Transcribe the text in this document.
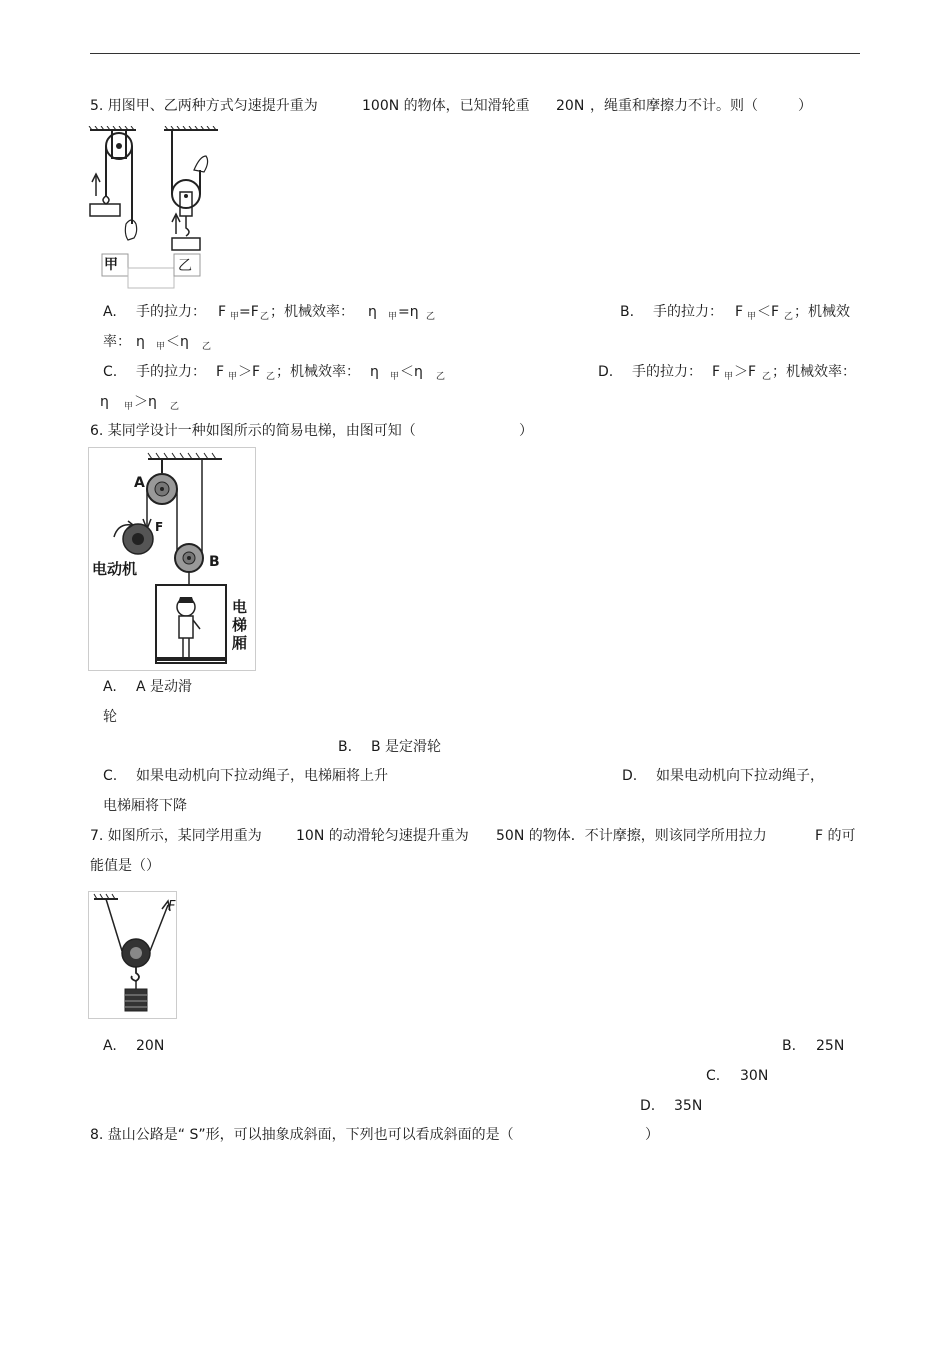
5. 用图甲、乙两种方式匀速提升重为	100N 的物体，已知滑轮重 20N ，绳重和摩擦力不计。则（	）
甲	乙
A. 手的拉力： F 甲 =F 乙 ；机械效率： η 甲 =η 乙	B. 手的拉力： F 甲 ＜F 乙 ；机械效
率： η 甲 ＜η 乙
C. 手的拉力： F 甲 ＞F 乙 ；机械效率： η 甲 ＜η 乙	D. 手的拉力： F 甲 ＞F 乙 ；机械效率：
η 甲 ＞η 乙
6. 某同学设计一种如图所示的简易电梯，由图可知（	）
A
B
F
电动机
电
梯
厢
A. A 是动滑
轮
B. B 是定滑轮
C. 如果电动机向下拉动绳子，电梯厢将上升	D. 如果电动机向下拉动绳子，
电梯厢将下降
7. 如图所示，某同学用重为 10N 的动滑轮匀速提升重为 50N 的物体．不计摩擦，则该同学所用拉力	F 的可
能值是（）
F
A. 20N	B. 25N
C. 30N
D. 35N
8. 盘山公路是“ S”形，可以抽象成斜面，下列也可以看成斜面的是（	）
